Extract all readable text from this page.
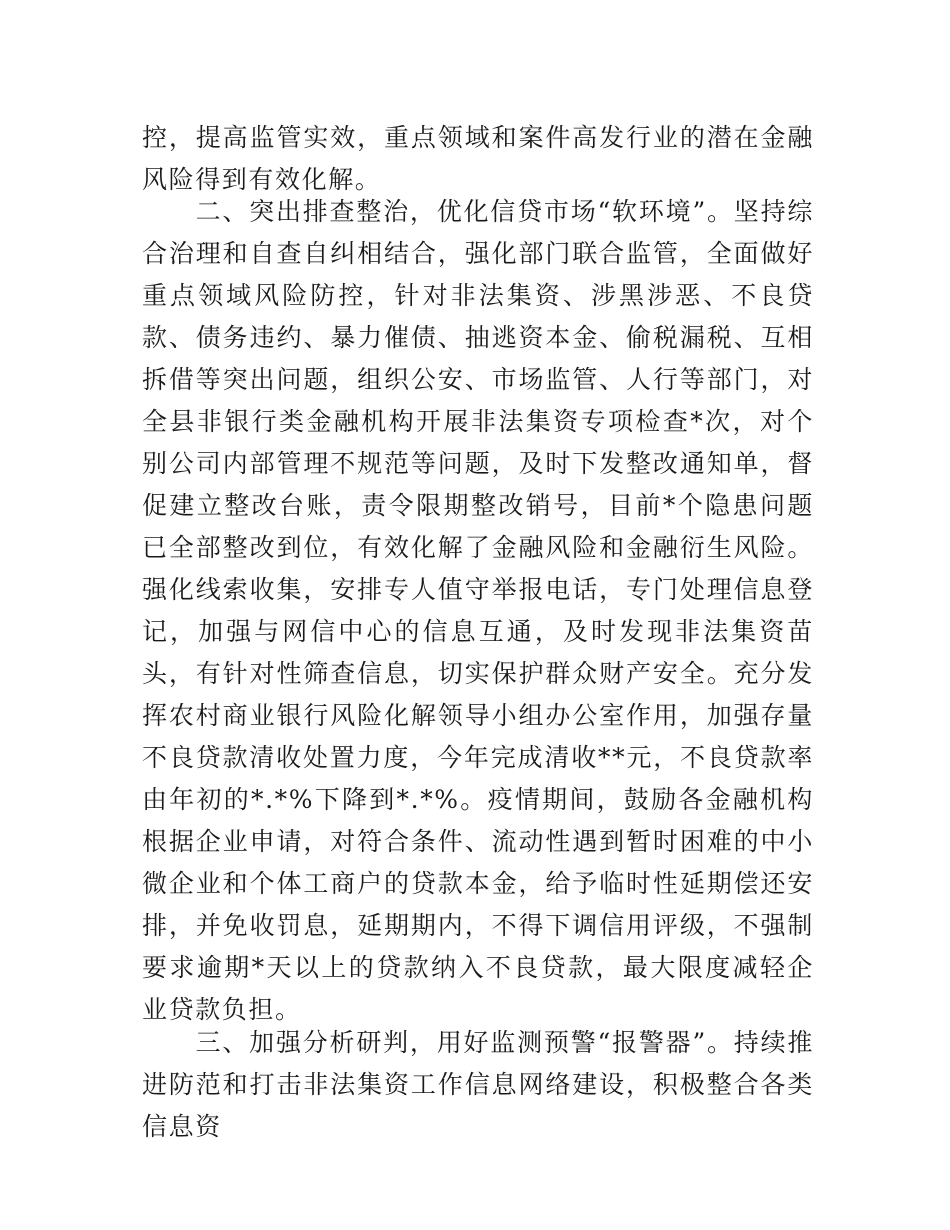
控，提高监管实效，重点领域和案件高发行业的潜在金融风险得到有效化解。

　　二、突出排查整治，优化信贷市场“软环境”。坚持综合治理和自查自纠相结合，强化部门联合监管，全面做好重点领域风险防控，针对非法集资、涉黑涉恶、不良贷款、债务违约、暴力催债、抽逃资本金、偷税漏税、互相拆借等突出问题，组织公安、市场监管、人行等部门，对全县非银行类金融机构开展非法集资专项检查*次，对个别公司内部管理不规范等问题，及时下发整改通知单，督促建立整改台账，责令限期整改销号，目前*个隐患问题已全部整改到位，有效化解了金融风险和金融衍生风险。强化线索收集，安排专人值守举报电话，专门处理信息登记，加强与网信中心的信息互通，及时发现非法集资苗头，有针对性筛查信息，切实保护群众财产安全。充分发挥农村商业银行风险化解领导小组办公室作用，加强存量不良贷款清收处置力度，今年完成清收**元，不良贷款率由年初的*.*%下降到*.*%。疫情期间，鼓励各金融机构根据企业申请，对符合条件、流动性遇到暂时困难的中小微企业和个体工商户的贷款本金，给予临时性延期偿还安排，并免收罚息，延期期内，不得下调信用评级，不强制要求逾期*天以上的贷款纳入不良贷款，最大限度减轻企业贷款负担。

　　三、加强分析研判，用好监测预警“报警器”。持续推进防范和打击非法集资工作信息网络建设，积极整合各类信息资
